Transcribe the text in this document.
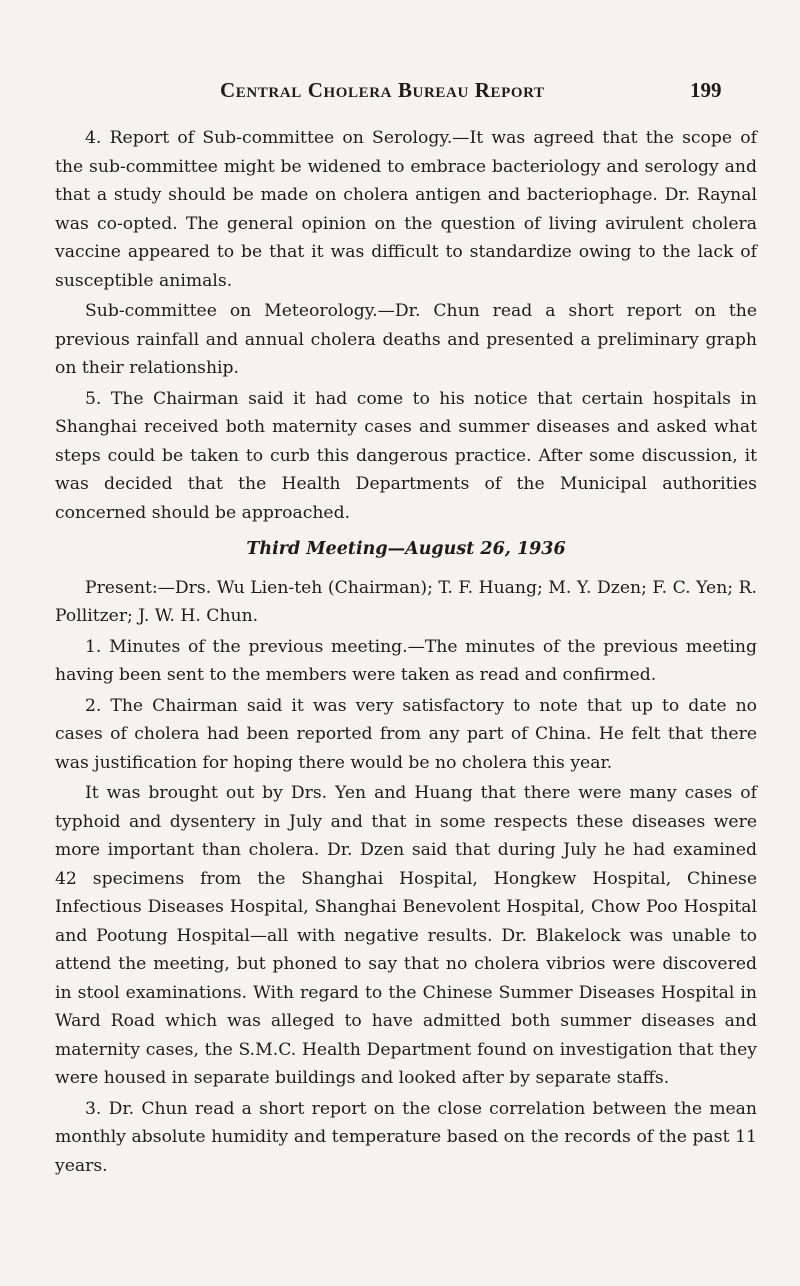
Central Cholera Bureau Report	199

4. Report of Sub-committee on Serology.—It was agreed that the scope of the sub-committee might be widened to embrace bacteriology and serology and that a study should be made on cholera antigen and bacteriophage. Dr. Raynal was co-opted. The general opinion on the question of living avirulent cholera vaccine appeared to be that it was difficult to standardize owing to the lack of susceptible animals.

Sub-committee on Meteorology.—Dr. Chun read a short report on the previous rainfall and annual cholera deaths and presented a preliminary graph on their relationship.

5. The Chairman said it had come to his notice that certain hospitals in Shanghai received both maternity cases and summer diseases and asked what steps could be taken to curb this dangerous practice. After some discussion, it was decided that the Health Departments of the Municipal authorities concerned should be approached.

Third Meeting—August 26, 1936

Present:—Drs. Wu Lien-teh (Chairman); T. F. Huang; M. Y. Dzen; F. C. Yen; R. Pollitzer; J. W. H. Chun.

1. Minutes of the previous meeting.—The minutes of the previous meeting having been sent to the members were taken as read and confirmed.

2. The Chairman said it was very satisfactory to note that up to date no cases of cholera had been reported from any part of China. He felt that there was justification for hoping there would be no cholera this year.

It was brought out by Drs. Yen and Huang that there were many cases of typhoid and dysentery in July and that in some respects these diseases were more important than cholera. Dr. Dzen said that during July he had examined 42 specimens from the Shanghai Hospital, Hongkew Hospital, Chinese Infectious Diseases Hospital, Shanghai Benevolent Hospital, Chow Poo Hospital and Pootung Hospital—all with negative results. Dr. Blakelock was unable to attend the meeting, but phoned to say that no cholera vibrios were discovered in stool examinations. With regard to the Chinese Summer Diseases Hospital in Ward Road which was alleged to have admitted both summer diseases and maternity cases, the S.M.C. Health Department found on investigation that they were housed in separate buildings and looked after by separate staffs.

3. Dr. Chun read a short report on the close correlation between the mean monthly absolute humidity and temperature based on the records of the past 11 years.
